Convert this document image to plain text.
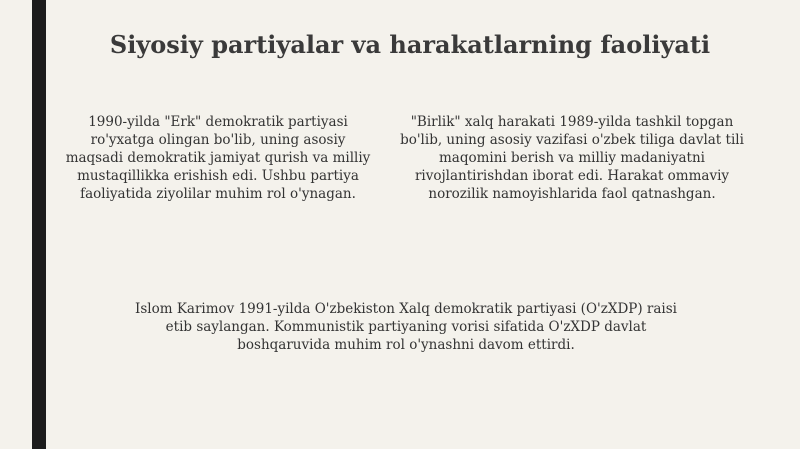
Siyosiy partiyalar va harakatlarning faoliyati

1990-yilda "Erk" demokratik partiyasi ro'yxatga olingan bo'lib, uning asosiy maqsadi demokratik jamiyat qurish va milliy mustaqillikka erishish edi. Ushbu partiya faoliyatida ziyolilar muhim rol o'ynagan.

"Birlik" xalq harakati 1989-yilda tashkil topgan bo'lib, uning asosiy vazifasi o'zbek tiliga davlat tili maqomini berish va milliy madaniyatni rivojlantirishdan iborat edi. Harakat ommaviy norozilik namoyishlarida faol qatnashgan.

Islom Karimov 1991-yilda O'zbekiston Xalq demokratik partiyasi (O'zXDP) raisi etib saylangan. Kommunistik partiyaning vorisi sifatida O'zXDP davlat boshqaruvida muhim rol o'ynashni davom ettirdi.
